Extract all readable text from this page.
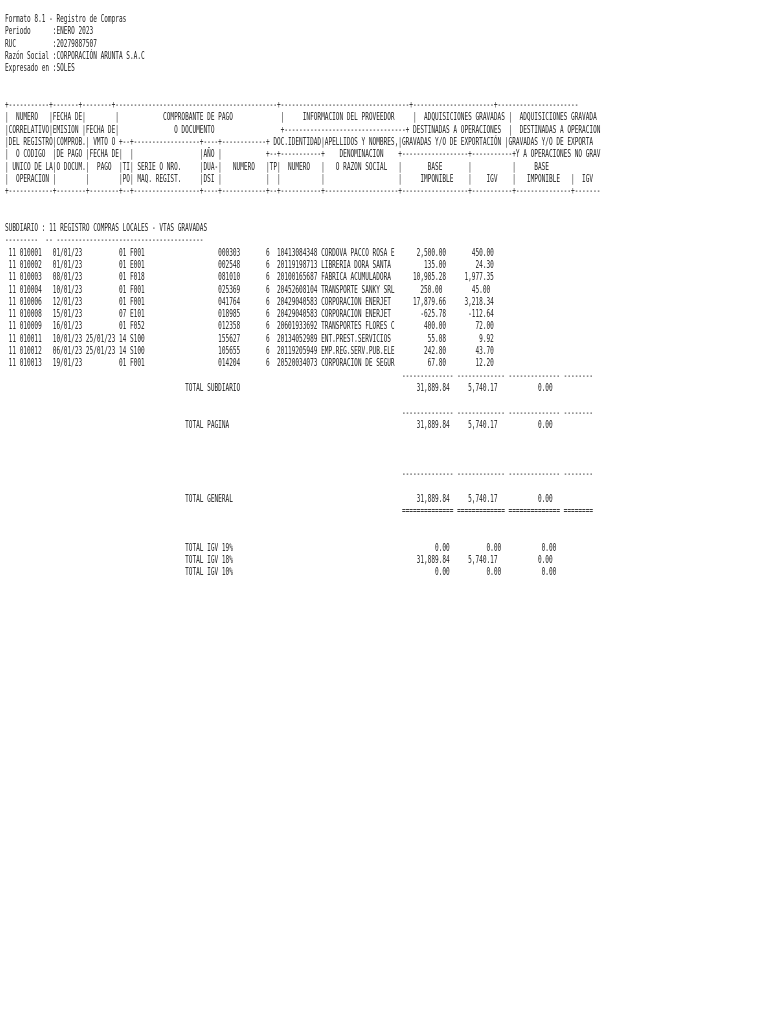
Formato 8.1 - Registro de Compras
Periodo      :ENERO 2023
RUC          :20279887507
Razón Social :CORPORACIÓN ARUNTA S.A.C
Expresado en :SOLES
+-----------+-------+--------+--------------------------------------------+-----------------------------------+----------------------+----------------------
|  NUMERO   |FECHA DE|        |            COMPROBANTE DE PAGO             |     INFORMACION DEL PROVEEDOR     |  ADQUISICIONES GRAVADAS |  ADQUISICIONES GRAVADA
|CORRELATIVO|EMISION |FECHA DE|               O DOCUMENTO                  +---------------------------------+ DESTINADAS A OPERACIONES  |  DESTINADAS A OPERACION
|DEL REGISTRO|COMPROB.| VMTO O +--+------------------+----+------------+ DOC.IDENTIDAD|APELLIDOS Y NOMBRES,|GRAVADAS Y/O DE EXPORTACIÓN |GRAVADAS Y/O DE EXPORTA
|  O CODIGO  |DE PAGO |FECHA DE|  |                  |AÑO |            +--+-----------+    DENOMINACION    +------------------+-----------+Y A OPERACIONES NO GRAV
| UNICO DE LA|O DOCUM.|  PAGO  |TI| SERIE O NRO.     |DUA-|   NUMERO   |TP|  NUMERO   |   O RAZON SOCIAL   |       BASE       |           |     BASE
|  OPERACION |        |        |PO| MAQ. REGIST.     |DSI |            |  |           |                    |     IMPONIBLE    |    IGV    |   IMPONIBLE   |  IGV
+------------+--------+--------+--+------------------+----+------------+--+-----------+--------------------+------------------+-----------+---------------+-------
SUBDIARIO : 11 REGISTRO COMPRAS LOCALES - VTAS GRAVADAS
---------  -- ----------------------------------------
11 010001   01/01/23          01 F001                    000303       6  10413084348 CORDOVA PACCO ROSA E      2,500.00       450.00
11 010002   01/01/23          01 E001                    002548       6  20119198713 LIBRERIA DORA SANTA         135.00        24.30
11 010003   08/01/23          01 F018                    081010       6  20100165687 FABRICA ACUMULADORA      10,985.28     1,977.35
11 010004   10/01/23          01 F001                    025369       6  20452608104 TRANSPORTE SANKY SRL       250.00        45.00
11 010006   12/01/23          01 F001                    041764       6  20429040583 CORPORACION ENERJET      17,879.66     3,218.34
11 010008   15/01/23          07 E101                    018985       6  20429040583 CORPORACION ENERJET        -625.78      -112.64
11 010009   16/01/23          01 F052                    012358       6  20601933692 TRANSPORTES FLORES C        400.00        72.00
11 010011   10/01/23 25/01/23 14 S100                    155627       6  20134052989 ENT.PREST.SERVICIOS          55.08         9.92
11 010012   06/01/23 25/01/23 14 S100                    105655       6  20119205949 EMP.REG.SERV.PUB.ELE        242.80        43.70
11 010013   19/01/23          01 F001                    014204       6  20520034073 CORPORACION DE SEGUR         67.80        12.20
-------------- ------------- -------------- --------
TOTAL SUBDIARIO                                                31,889.84     5,740.17           0.00
-------------- ------------- -------------- --------
TOTAL PAGINA                                                   31,889.84     5,740.17           0.00
-------------- ------------- -------------- --------
TOTAL GENERAL                                                  31,889.84     5,740.17           0.00
============== ============= ============== ========
TOTAL IGV 19%                                                       0.00          0.00           0.00
TOTAL IGV 18%                                                  31,889.84     5,740.17           0.00
TOTAL IGV 10%                                                       0.00          0.00           0.00
